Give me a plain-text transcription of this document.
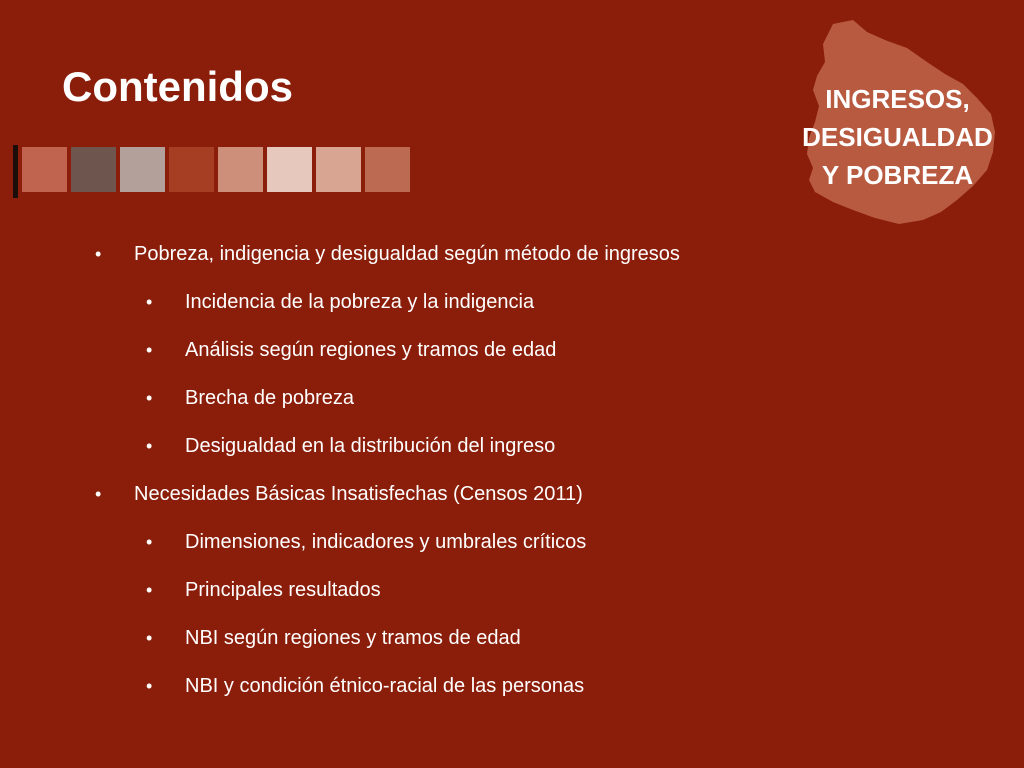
Contenidos	INGRESOS,
DESIGUALDAD
Y POBREZA
• Pobreza, indigencia y desigualdad según método de ingresos
• Incidencia de la pobreza y la indigencia
• Análisis según regiones y tramos de edad
• Brecha de pobreza
• Desigualdad en la distribución del ingreso
• Necesidades Básicas Insatisfechas (Censos 2011)
• Dimensiones, indicadores y umbrales críticos
• Principales resultados
• NBI según regiones y tramos de edad
• NBI y condición étnico-racial de las personas
